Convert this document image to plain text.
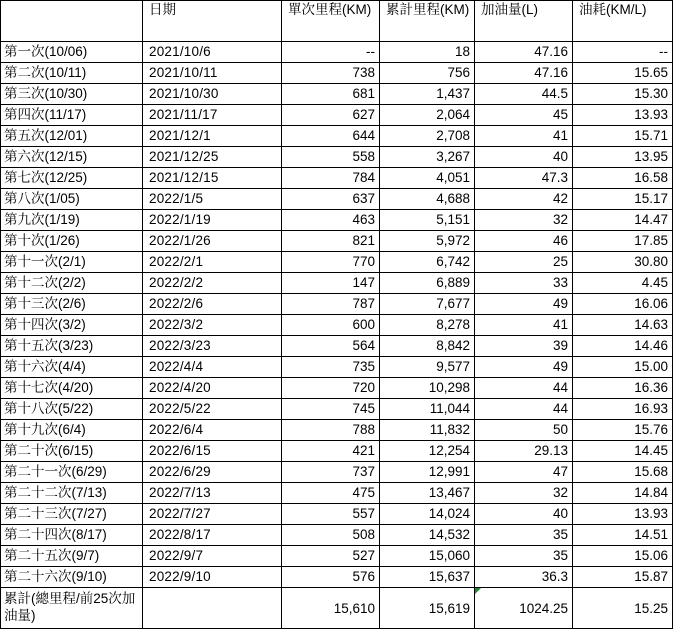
	日期	單次里程(KM)	累計里程(KM)	加油量(L)	油耗(KM/L)
第一次(10/06)	2021/10/6	--	18	47.16	--
第二次(10/11)	2021/10/11	738	756	47.16	15.65
第三次(10/30)	2021/10/30	681	1,437	44.5	15.30
第四次(11/17)	2021/11/17	627	2,064	45	13.93
第五次(12/01)	2021/12/1	644	2,708	41	15.71
第六次(12/15)	2021/12/25	558	3,267	40	13.95
第七次(12/25)	2021/12/15	784	4,051	47.3	16.58
第八次(1/05)	2022/1/5	637	4,688	42	15.17
第九次(1/19)	2022/1/19	463	5,151	32	14.47
第十次(1/26)	2022/1/26	821	5,972	46	17.85
第十一次(2/1)	2022/2/1	770	6,742	25	30.80
第十二次(2/2)	2022/2/2	147	6,889	33	4.45
第十三次(2/6)	2022/2/6	787	7,677	49	16.06
第十四次(3/2)	2022/3/2	600	8,278	41	14.63
第十五次(3/23)	2022/3/23	564	8,842	39	14.46
第十六次(4/4)	2022/4/4	735	9,577	49	15.00
第十七次(4/20)	2022/4/20	720	10,298	44	16.36
第十八次(5/22)	2022/5/22	745	11,044	44	16.93
第十九次(6/4)	2022/6/4	788	11,832	50	15.76
第二十次(6/15)	2022/6/15	421	12,254	29.13	14.45
第二十一次(6/29)	2022/6/29	737	12,991	47	15.68
第二十二次(7/13)	2022/7/13	475	13,467	32	14.84
第二十三次(7/27)	2022/7/27	557	14,024	40	13.93
第二十四次(8/17)	2022/8/17	508	14,532	35	14.51
第二十五次(9/7)	2022/9/7	527	15,060	35	15.06
第二十六次(9/10)	2022/9/10	576	15,637	36.3	15.87
累計(總里程/前25次加油量)		15,610	15,619	1024.25	15.25
